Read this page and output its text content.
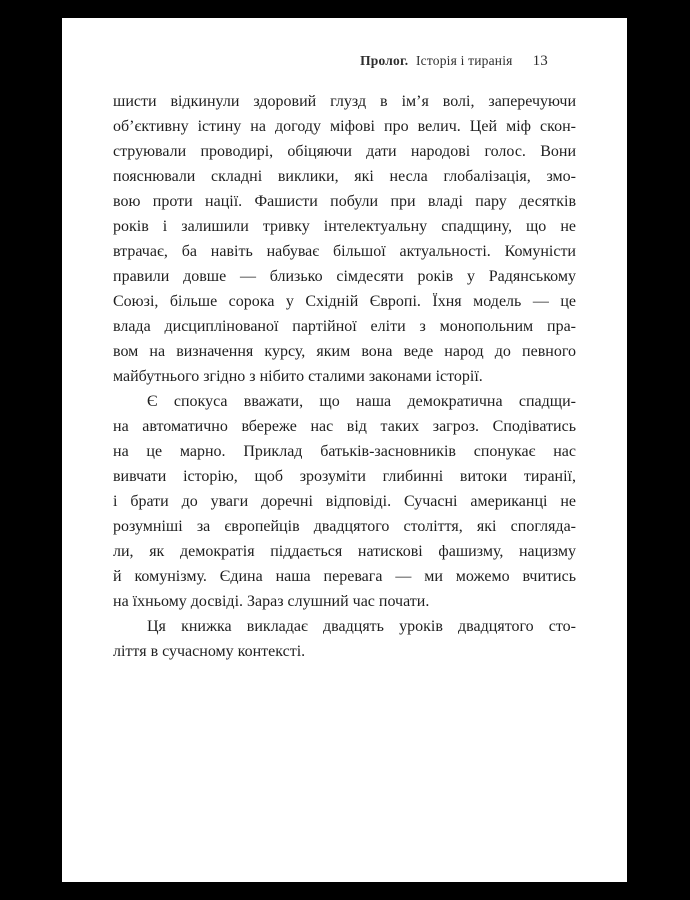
Пролог. Історія і тиранія 13
шисти відкинули здоровий глузд в ім’я волі, заперечуючи
об’єктивну істину на догоду міфові про велич. Цей міф скон-
струювали проводирі, обіцяючи дати народові голос. Вони
пояснювали складні виклики, які несла глобалізація, змо-
вою проти нації. Фашисти побули при владі пару десятків
років і залишили тривку інтелектуальну спадщину, що не
втрачає, ба навіть набуває більшої актуальності. Комуністи
правили довше — близько сімдесяти років у Радянському
Союзі, більше сорока у Східній Європі. Їхня модель — це
влада дисциплінованої партійної еліти з монопольним пра-
вом на визначення курсу, яким вона веде народ до певного
майбутнього згідно з нібито сталими законами історії.
Є спокуса вважати, що наша демократична спадщи-
на автоматично вбереже нас від таких загроз. Сподіватись
на це марно. Приклад батьків-засновників спонукає нас
вивчати історію, щоб зрозуміти глибинні витоки тиранії,
і брати до уваги доречні відповіді. Сучасні американці не
розумніші за європейців двадцятого століття, які спогляда-
ли, як демократія піддається натискові фашизму, нацизму
й комунізму. Єдина наша перевага — ми можемо вчитись
на їхньому досвіді. Зараз слушний час почати.
Ця книжка викладає двадцять уроків двадцятого сто-
ліття в сучасному контексті.
